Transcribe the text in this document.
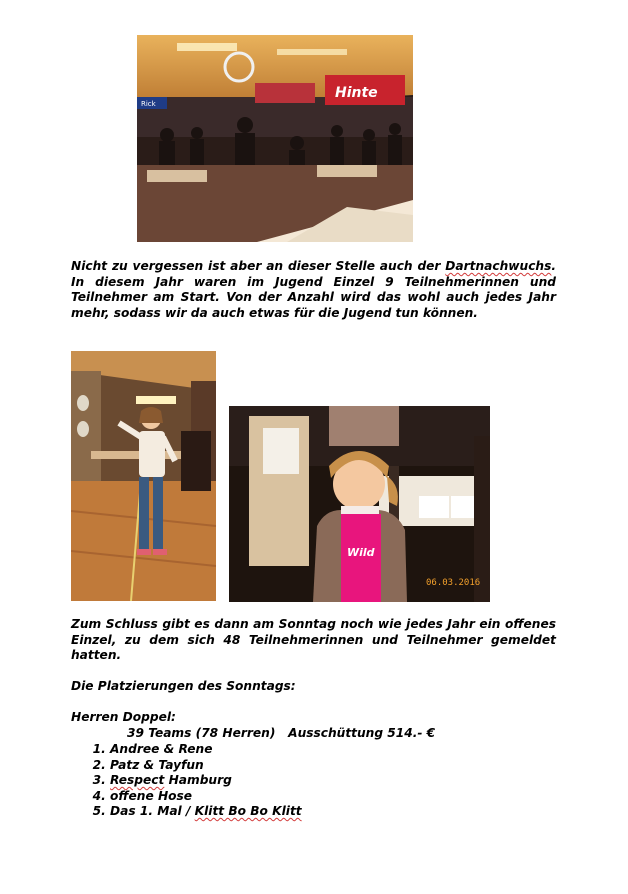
Hinte
Rick

Nicht zu vergessen ist aber an dieser Stelle auch der Dartnachwuchs. In diesem Jahr waren im Jugend Einzel 9 Teilnehmerinnen und Teilnehmer am Start. Von der Anzahl wird das wohl auch jedes Jahr mehr, sodass wir da auch etwas für die Jugend tun können.

Wild
06.03.2016

Zum Schluss gibt es dann am Sonntag noch wie jedes Jahr ein offenes Einzel, zu dem sich 48 Teilnehmerinnen und Teilnehmer gemeldet hatten.

Die Platzierungen des Sonntags:
Herren Doppel:
39 Teams (78 Herren)   Ausschüttung 514.- €
1. Andree & Rene
2. Patz & Tayfun
3. Respect Hamburg
4. offene Hose
5. Das 1. Mal / Klitt Bo Bo Klitt
